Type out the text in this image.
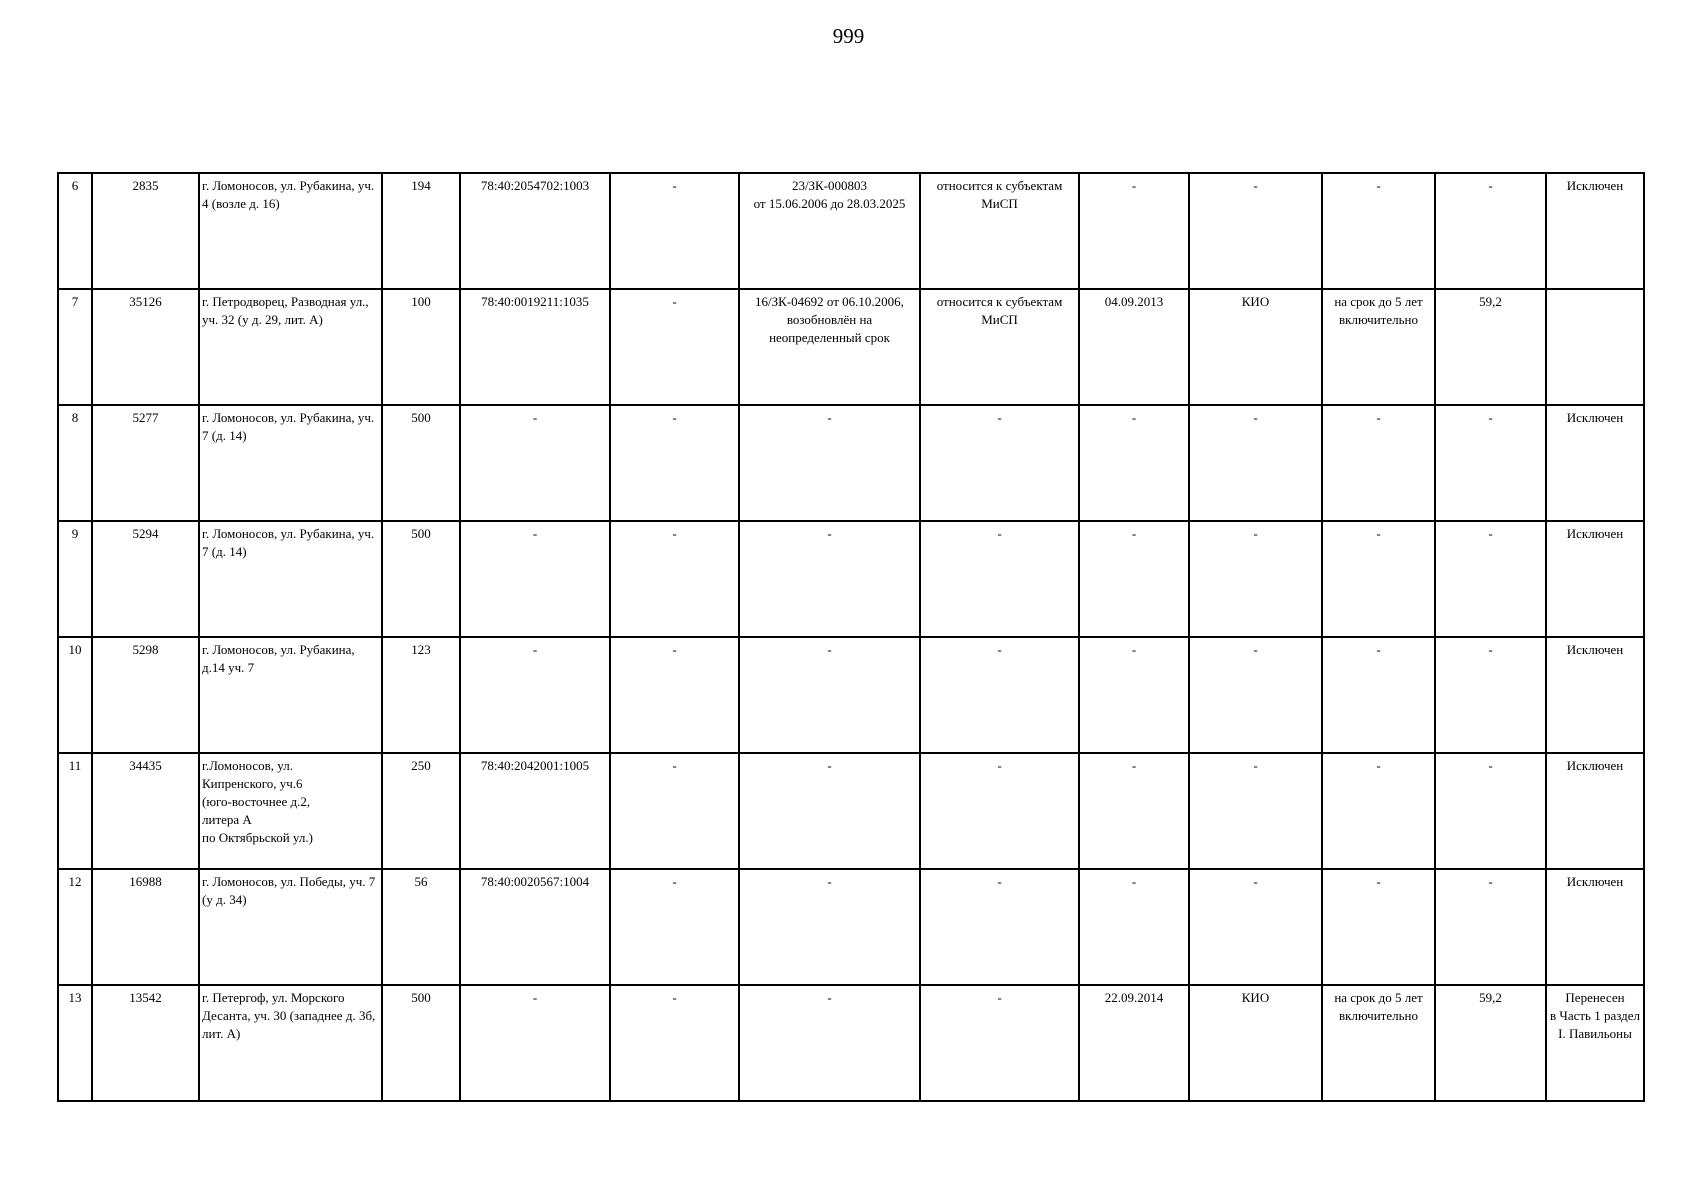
999
6	2835	г. Ломоносов, ул. Рубакина, уч. 4 (возле д. 16)	194	78:40:2054702:1003	-	23/ЗК-000803
от 15.06.2006 до 28.03.2025	относится к субъектам МиСП	-	-	-	-	Исключен
7	35126	г. Петродворец, Разводная ул., уч. 32 (у д. 29, лит. А)	100	78:40:0019211:1035	-	16/ЗК-04692 от 06.10.2006, возобновлён на неопределенный срок	относится к субъектам МиСП	04.09.2013	КИО	на срок до 5 лет включительно	59,2	
8	5277	г. Ломоносов, ул. Рубакина, уч. 7 (д. 14)	500	-	-	-	-	-	-	-	-	Исключен
9	5294	г. Ломоносов, ул. Рубакина, уч. 7 (д. 14)	500	-	-	-	-	-	-	-	-	Исключен
10	5298	г. Ломоносов, ул. Рубакина, д.14 уч. 7	123	-	-	-	-	-	-	-	-	Исключен
11	34435	г.Ломоносов, ул.
Кипренского, уч.6
(юго-восточнее д.2,
литера А
по Октябрьской ул.)	250	78:40:2042001:1005	-	-	-	-	-	-	-	Исключен
12	16988	г. Ломоносов, ул. Победы, уч. 7 (у д. 34)	56	78:40:0020567:1004	-	-	-	-	-	-	-	Исключен
13	13542	г. Петергоф, ул. Морского Десанта, уч. 30 (западнее д. 3б, лит. А)	500	-	-	-	-	22.09.2014	КИО	на срок до 5 лет включительно	59,2	Перенесен
в Часть 1 раздел
I. Павильоны
